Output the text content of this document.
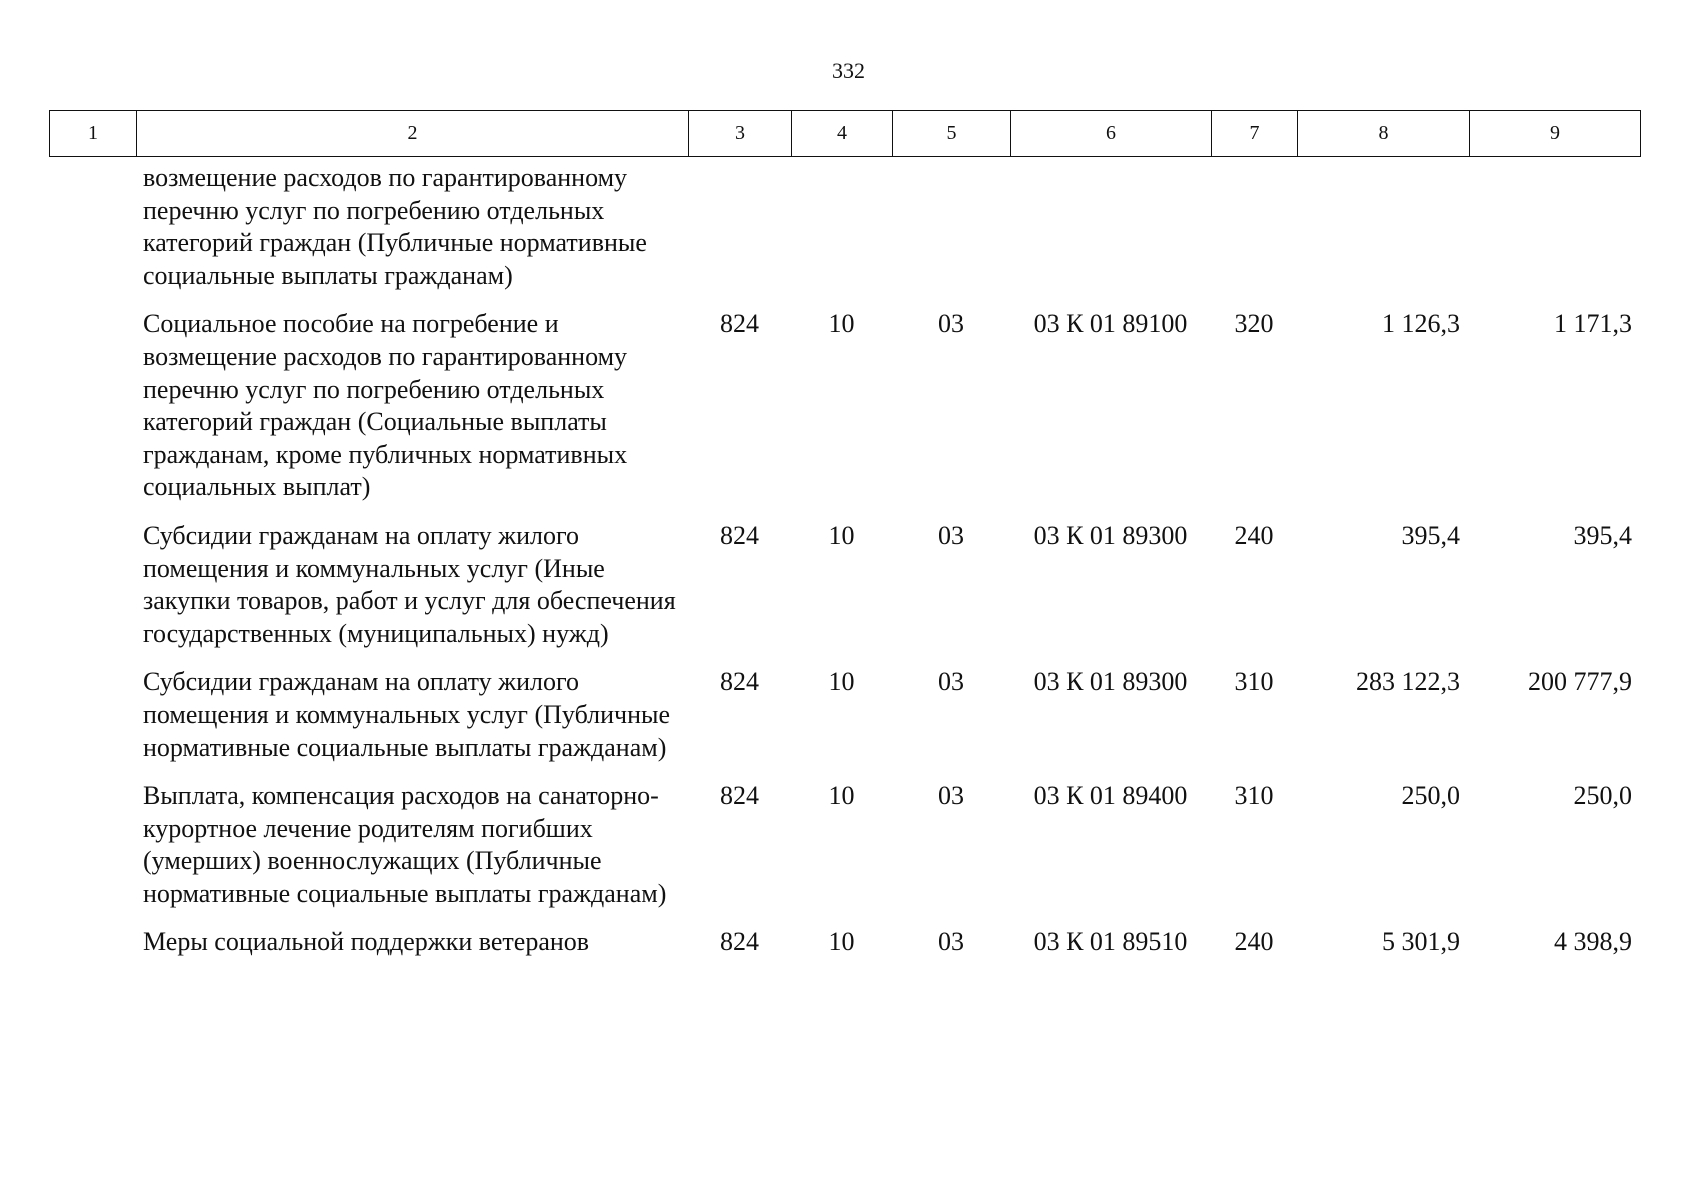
332
1	2	3	4	5	6	7	8	9
возмещение расходов по гарантированному перечню услуг по погребению отдельных категорий граждан (Публичные нормативные социальные выплаты гражданам)							
Социальное пособие на погребение и возмещение расходов по гарантированному перечню услуг по погребению отдельных категорий граждан (Социальные выплаты гражданам, кроме публичных нормативных социальных выплат)	824	10	03	03 К 01 89100	320	1 126,3	1 171,3
Субсидии гражданам на оплату жилого помещения и коммунальных услуг (Иные закупки товаров, работ и услуг для обеспечения государственных (муниципальных) нужд)	824	10	03	03 К 01 89300	240	395,4	395,4
Субсидии гражданам на оплату жилого помещения и коммунальных услуг (Публичные нормативные социальные выплаты гражданам)	824	10	03	03 К 01 89300	310	283 122,3	200 777,9
Выплата, компенсация расходов на санаторно-курортное лечение родителям погибших (умерших) военнослужащих (Публичные нормативные социальные выплаты гражданам)	824	10	03	03 К 01 89400	310	250,0	250,0
Меры социальной поддержки ветеранов	824	10	03	03 К 01 89510	240	5 301,9	4 398,9
